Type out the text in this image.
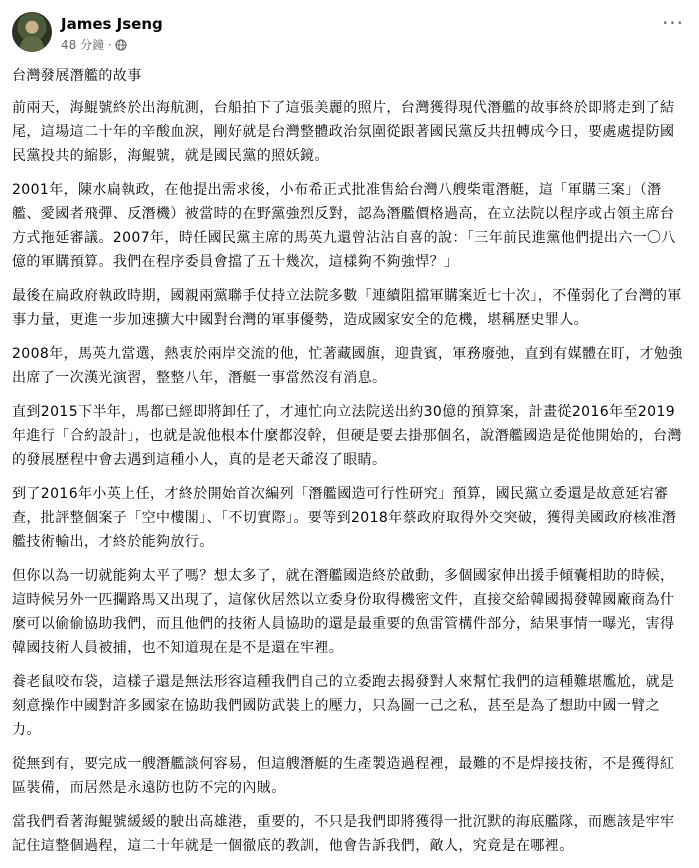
James Jseng
48 分鐘 ·
···

台灣發展潛艦的故事

前兩天，海鯤號終於出海航測，台船拍下了這張美麗的照片，台灣獲得現代潛艦的故事終於即將走到了結尾，這場這二十年的辛酸血淚，剛好就是台灣整體政治氛圍從跟著國民黨反共扭轉成今日，要處處提防國民黨投共的縮影，海鯤號，就是國民黨的照妖鏡。

2001年，陳水扁執政，在他提出需求後，小布希正式批准售給台灣八艘柴電潛艇，這「軍購三案」（潛艦、愛國者飛彈、反潛機）被當時的在野黨強烈反對，認為潛艦價格過高，在立法院以程序或占領主席台方式拖延審議。2007年，時任國民黨主席的馬英九還曾沾沾自喜的說：「三年前民進黨他們提出六一〇八億的軍購預算。我們在程序委員會擋了五十幾次，這樣夠不夠強悍？」

最後在扁政府執政時期，國親兩黨聯手仗持立法院多數「連續阻擋軍購案近七十次」，不僅弱化了台灣的軍事力量，更進一步加速擴大中國對台灣的軍事優勢，造成國家安全的危機，堪稱歷史罪人。

2008年，馬英九當選，熱衷於兩岸交流的他，忙著藏國旗，迎貴賓，軍務廢弛，直到有媒體在盯，才勉強出席了一次漢光演習，整整八年，潛艇一事當然沒有消息。

直到2015下半年，馬都已經即將卸任了，才連忙向立法院送出約30億的預算案，計畫從2016年至2019年進行「合約設計」，也就是說他根本什麼都沒幹，但硬是要去掛那個名，說潛艦國造是從他開始的，台灣的發展歷程中會去遇到這種小人，真的是老天爺沒了眼睛。

到了2016年小英上任，才終於開始首次編列「潛艦國造可行性研究」預算，國民黨立委還是故意延宕審查，批評整個案子「空中樓閣」、「不切實際」。要等到2018年蔡政府取得外交突破，獲得美國政府核准潛艦技術輸出，才終於能夠放行。

但你以為一切就能夠太平了嗎？想太多了，就在潛艦國造終於啟動，多個國家伸出援手傾囊相助的時候，這時候另外一匹攔路馬又出現了，這傢伙居然以立委身份取得機密文件，直接交給韓國揭發韓國廠商為什麼可以偷偷協助我們，而且他們的技術人員協助的還是最重要的魚雷管構件部分，結果事情一曝光，害得韓國技術人員被捕，也不知道現在是不是還在牢裡。

養老鼠咬布袋，這樣子還是無法形容這種我們自己的立委跑去揭發對人來幫忙我們的這種難堪尷尬，就是刻意操作中國對許多國家在協助我們國防武裝上的壓力，只為圖一己之私，甚至是為了想助中國一臂之力。

從無到有，要完成一艘潛艦談何容易，但這艘潛艇的生產製造過程裡，最難的不是焊接技術，不是獲得紅區裝備，而居然是永遠防也防不完的內賊。

當我們看著海鯤號緩緩的駛出高雄港，重要的，不只是我們即將獲得一批沉默的海底艦隊，而應該是牢牢記住這整個過程，這二十年就是一個徹底的教訓，他會告訴我們，敵人，究竟是在哪裡。
